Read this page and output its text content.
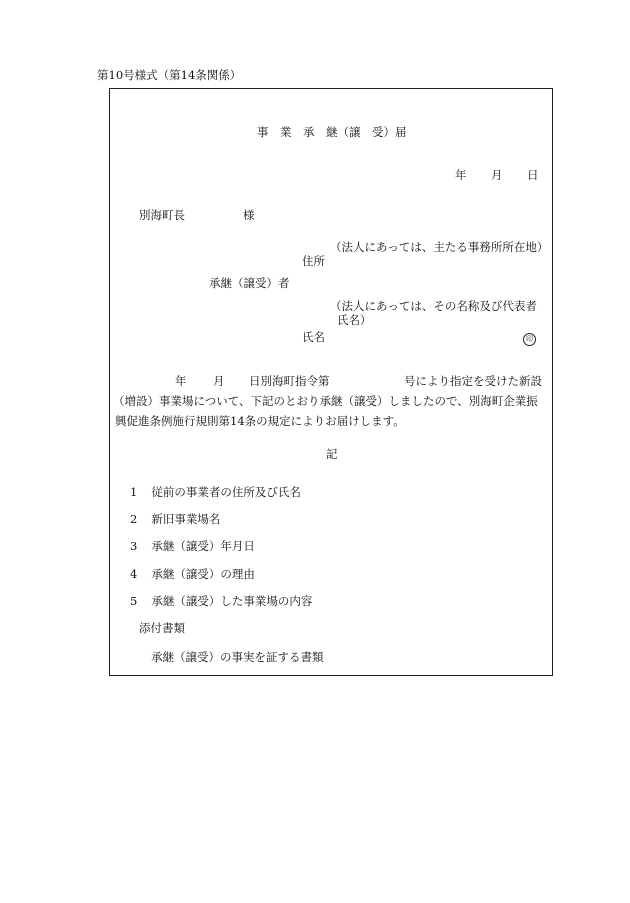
第10号様式（第14条関係）
事　業　承　継（譲　受）届
年 月 日
別海町長	様
（法人にあっては、主たる事務所所在地）
住所
承継（譲受）者
（法人にあっては、その名称及び代表者
氏名）
氏名	印
年 月 日別海町指令第	号により指定を受けた新設
（増設）事業場について、下記のとおり承継（譲受）しましたので、別海町企業振
興促進条例施行規則第14条の規定によりお届けします。
記
1 従前の事業者の住所及び氏名
2 新旧事業場名
3 承継（譲受）年月日
4 承継（譲受）の理由
5 承継（譲受）した事業場の内容
添付書類
承継（譲受）の事実を証する書類
